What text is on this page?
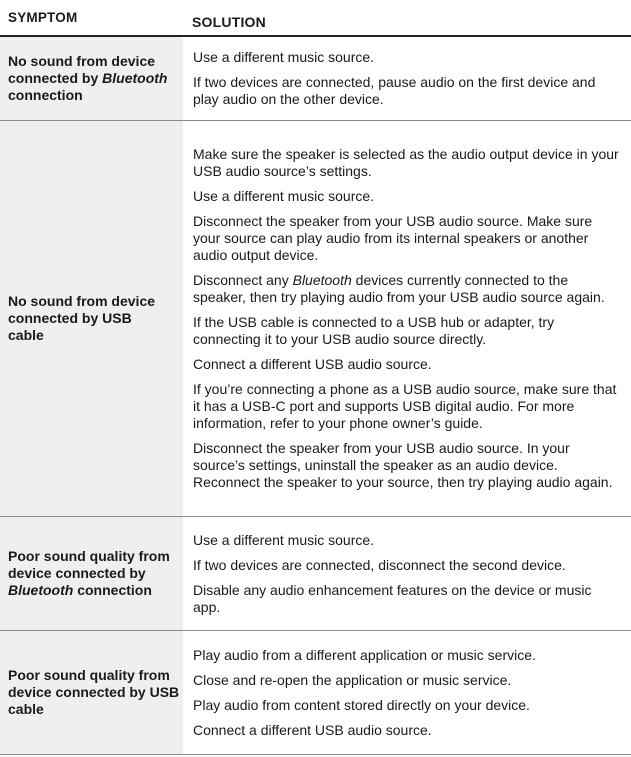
SYMPTOM	SOLUTION
No sound from device connected by Bluetooth connection
Use a different music source.
If two devices are connected, pause audio on the first device and play audio on the other device.
No sound from device connected by USB cable
Make sure the speaker is selected as the audio output device in your USB audio source’s settings.
Use a different music source.
Disconnect the speaker from your USB audio source. Make sure your source can play audio from its internal speakers or another audio output device.
Disconnect any Bluetooth devices currently connected to the speaker, then try playing audio from your USB audio source again.
If the USB cable is connected to a USB hub or adapter, try connecting it to your USB audio source directly.
Connect a different USB audio source.
If you’re connecting a phone as a USB audio source, make sure that it has a USB-C port and supports USB digital audio. For more information, refer to your phone owner’s guide.
Disconnect the speaker from your USB audio source. In your source’s settings, uninstall the speaker as an audio device. Reconnect the speaker to your source, then try playing audio again.
Poor sound quality from device connected by Bluetooth connection
Use a different music source.
If two devices are connected, disconnect the second device.
Disable any audio enhancement features on the device or music app.
Poor sound quality from device connected by USB cable
Play audio from a different application or music service.
Close and re-open the application or music service.
Play audio from content stored directly on your device.
Connect a different USB audio source.
